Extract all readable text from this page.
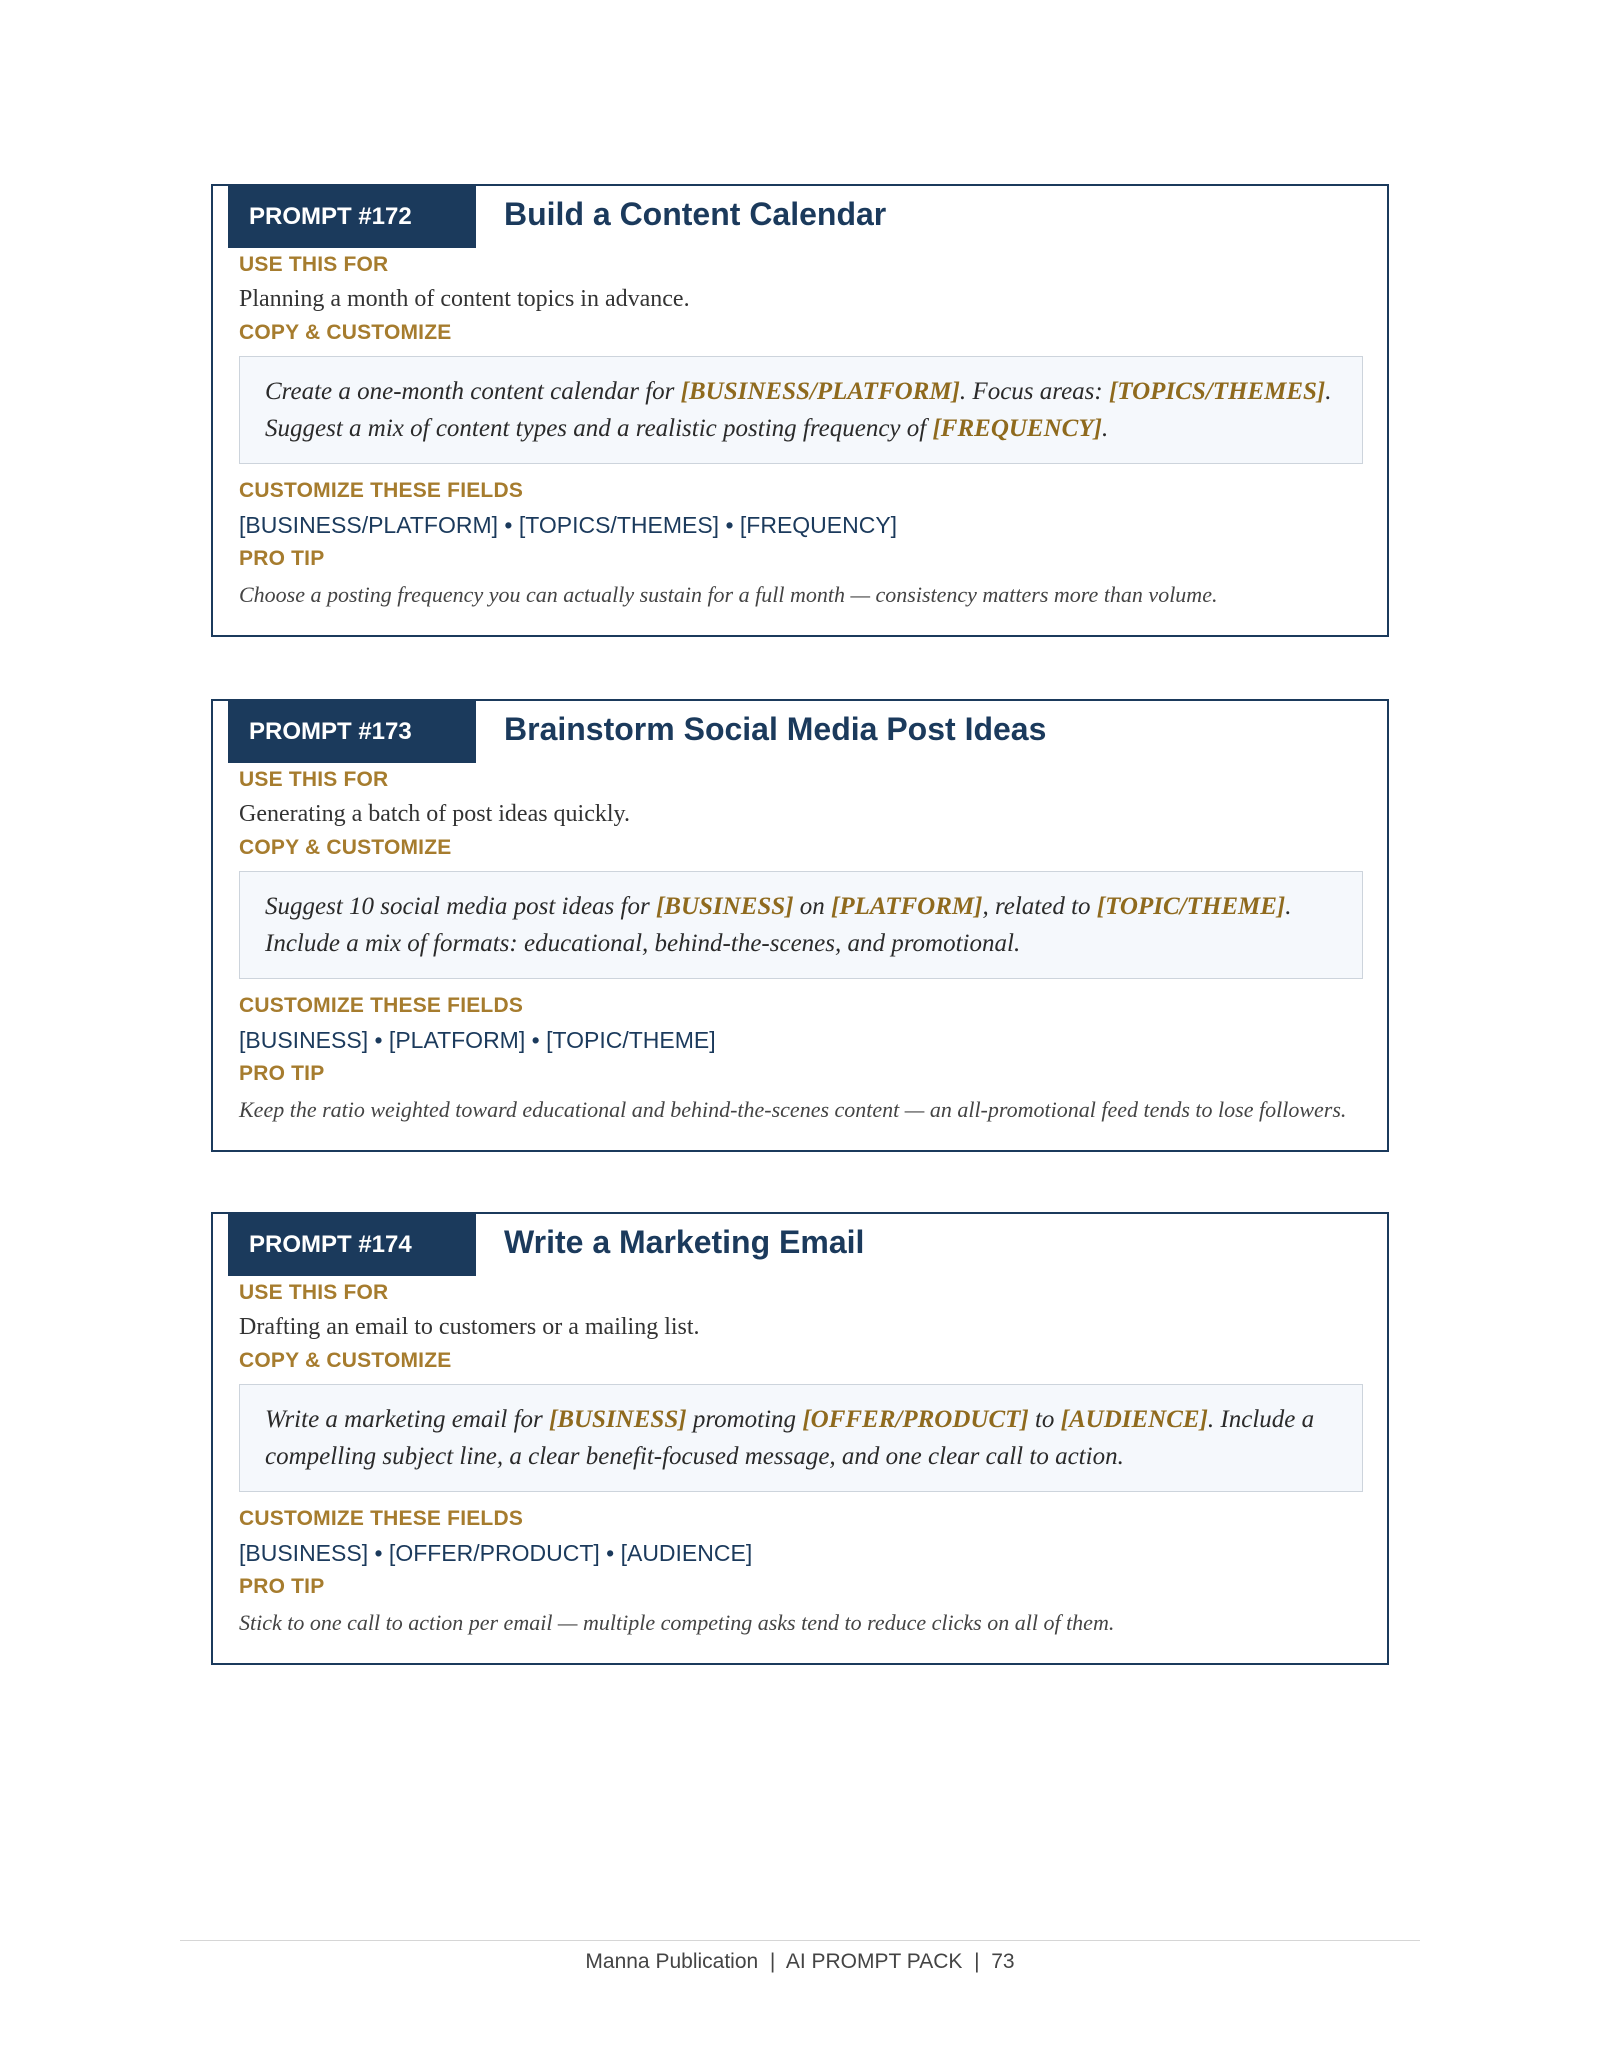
PROMPT #172	Build a Content Calendar
USE THIS FOR
Planning a month of content topics in advance.
COPY & CUSTOMIZE
Create a one-month content calendar for [BUSINESS/PLATFORM]. Focus areas: [TOPICS/THEMES]. Suggest a mix of content types and a realistic posting frequency of [FREQUENCY].
CUSTOMIZE THESE FIELDS
[BUSINESS/PLATFORM] • [TOPICS/THEMES] • [FREQUENCY]
PRO TIP
Choose a posting frequency you can actually sustain for a full month — consistency matters more than volume.
PROMPT #173	Brainstorm Social Media Post Ideas
USE THIS FOR
Generating a batch of post ideas quickly.
COPY & CUSTOMIZE
Suggest 10 social media post ideas for [BUSINESS] on [PLATFORM], related to [TOPIC/THEME]. Include a mix of formats: educational, behind-the-scenes, and promotional.
CUSTOMIZE THESE FIELDS
[BUSINESS] • [PLATFORM] • [TOPIC/THEME]
PRO TIP
Keep the ratio weighted toward educational and behind-the-scenes content — an all-promotional feed tends to lose followers.
PROMPT #174	Write a Marketing Email
USE THIS FOR
Drafting an email to customers or a mailing list.
COPY & CUSTOMIZE
Write a marketing email for [BUSINESS] promoting [OFFER/PRODUCT] to [AUDIENCE]. Include a compelling subject line, a clear benefit-focused message, and one clear call to action.
CUSTOMIZE THESE FIELDS
[BUSINESS] • [OFFER/PRODUCT] • [AUDIENCE]
PRO TIP
Stick to one call to action per email — multiple competing asks tend to reduce clicks on all of them.
Manna Publication  |  AI PROMPT PACK  |  73
